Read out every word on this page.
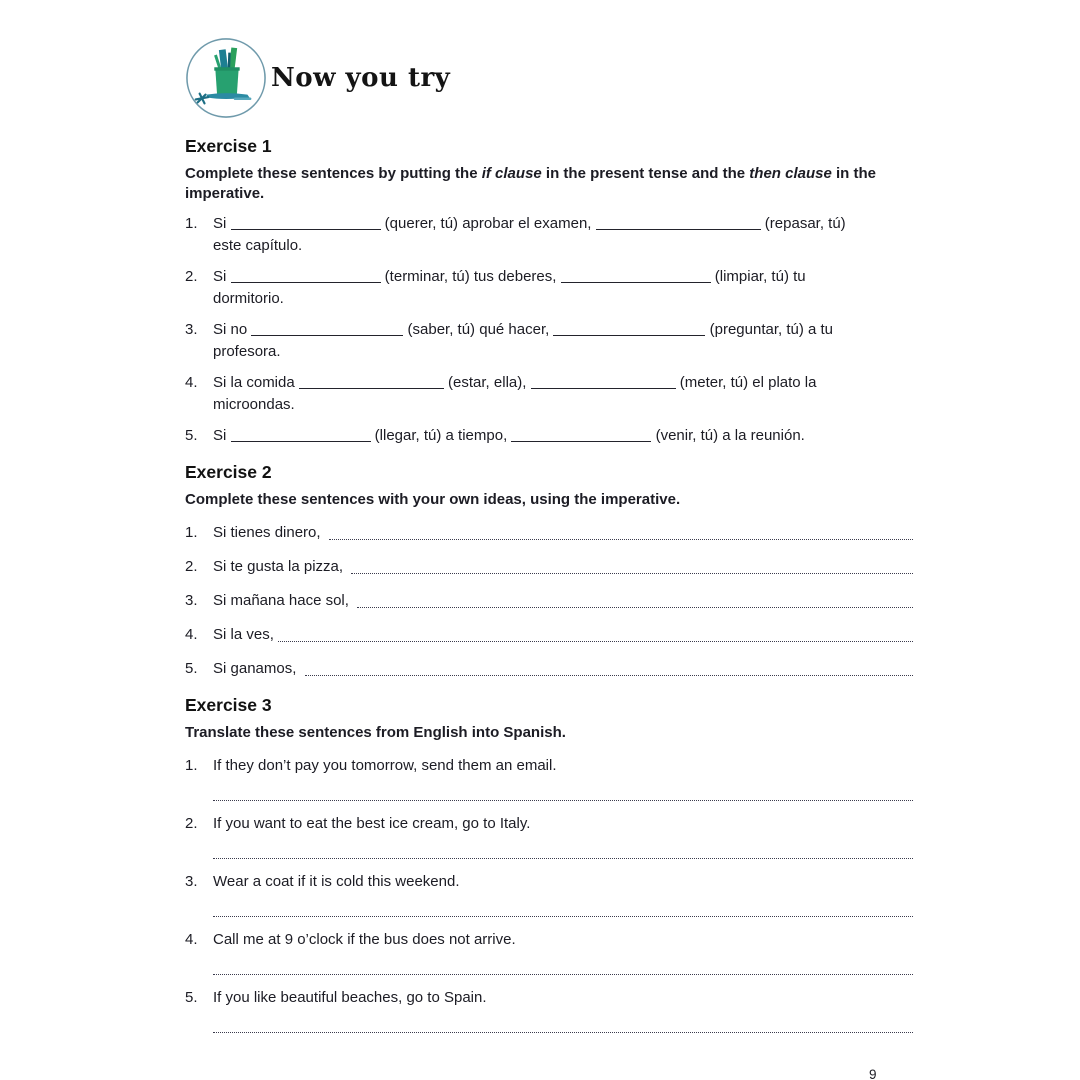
Now you try
Exercise 1
Complete these sentences by putting the if clause in the present tense and the then clause in the imperative.
1.	Si	(querer, tú) aprobar el examen,	(repasar, tú)
este capítulo.
2.	Si	(terminar, tú) tus deberes,	(limpiar, tú) tu
dormitorio.
3.	Si no	(saber, tú) qué hacer,	(preguntar, tú) a tu
profesora.
4.	Si la comida	(estar, ella),	(meter, tú) el plato la
microondas.
5.	Si	(llegar, tú) a tiempo,	(venir, tú) a la reunión.
Exercise 2
Complete these sentences with your own ideas, using the imperative.
1.	Si tienes dinero,
2.	Si te gusta la pizza,
3.	Si mañana hace sol,
4.	Si la ves,
5.	Si ganamos,
Exercise 3
Translate these sentences from English into Spanish.
1.	If they don’t pay you tomorrow, send them an email.
2.	If you want to eat the best ice cream, go to Italy.
3.	Wear a coat if it is cold this weekend.
4.	Call me at 9 o’clock if the bus does not arrive.
5.	If you like beautiful beaches, go to Spain.
9
